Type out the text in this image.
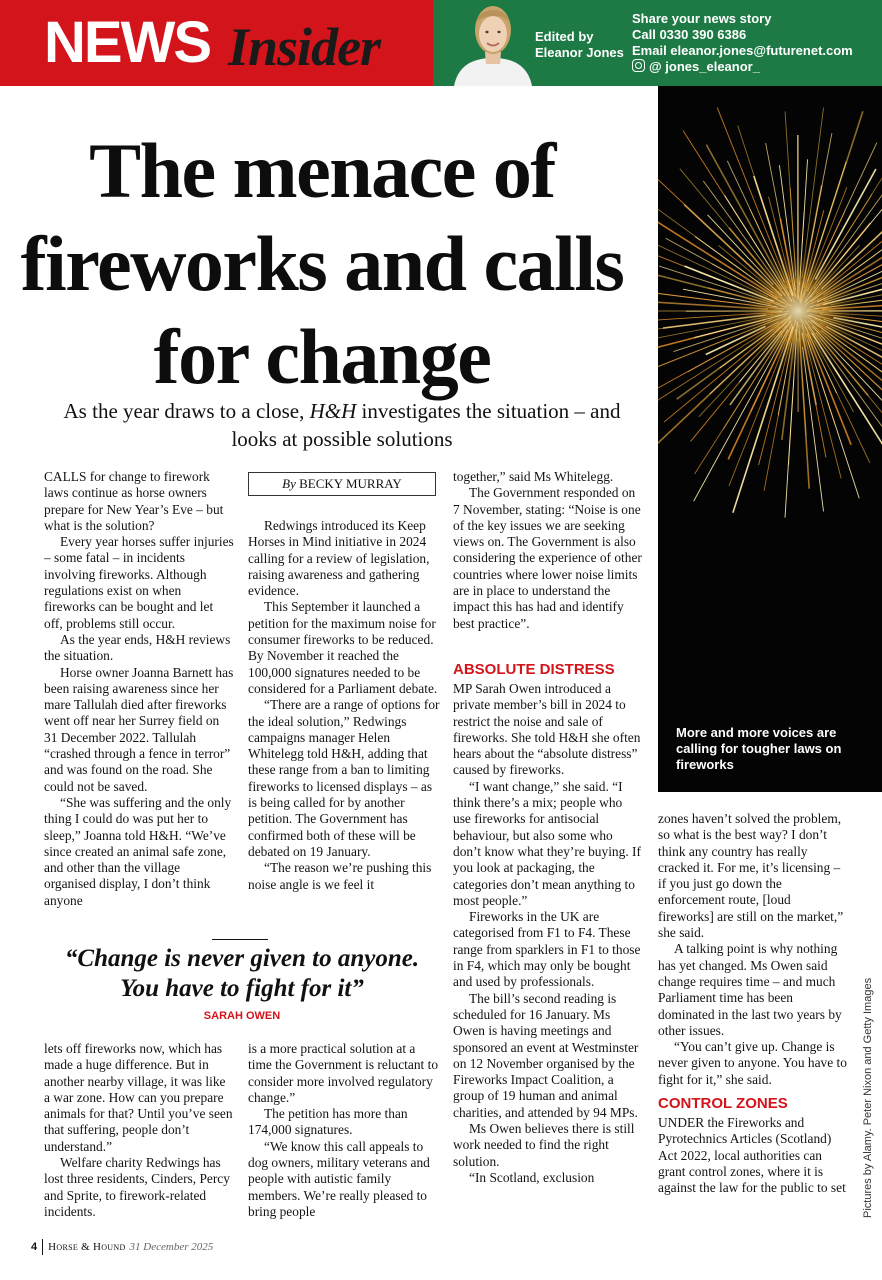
NEWS Insider	Edited by
Eleanor Jones
Share your news story
Call 0330 390 6386
Email eleanor.jones@futurenet.com
@ jones_eleanor_
More and more voices are calling for tougher laws on fireworks
The menace of fireworks and calls for change
As the year draws to a close, H&H investigates the situation – and looks at possible solutions
By BECKY MURRAY

CALLS for change to firework laws continue as horse owners prepare for New Year’s Eve – but what is the solution?

Every year horses suffer injuries – some fatal – in incidents involving fireworks. Although regulations exist on when fireworks can be bought and let off, problems still occur.

As the year ends, H&H reviews the situation.

Horse owner Joanna Barnett has been raising awareness since her mare Tallulah died after fireworks went off near her Surrey field on 31 December 2022. Tallulah “crashed through a fence in terror” and was found on the road. She could not be saved.

“She was suffering and the only thing I could do was put her to sleep,” Joanna told H&H. “We’ve since created an animal safe zone, and other than the village organised display, I don’t think anyone

Redwings introduced its Keep Horses in Mind initiative in 2024 calling for a review of legislation, raising awareness and gathering evidence.

This September it launched a petition for the maximum noise for consumer fireworks to be reduced. By November it reached the 100,000 signatures needed to be considered for a Parliament debate.

“There are a range of options for the ideal solution,” Redwings campaigns manager Helen Whitelegg told H&H, adding that these range from a ban to limiting fireworks to licensed displays – as is being called for by another petition. The Government has confirmed both of these will be debated on 19 January.

“The reason we’re pushing this noise angle is we feel it

together,” said Ms Whitelegg.

The Government responded on 7 November, stating: “Noise is one of the key issues we are seeking views on. The Government is also considering the experience of other countries where lower noise limits are in place to understand the impact this has had and identify best practice”.

ABSOLUTE DISTRESS

MP Sarah Owen introduced a private member’s bill in 2024 to restrict the noise and sale of fireworks. She told H&H she often hears about the “absolute distress” caused by fireworks.

“I want change,” she said. “I think there’s a mix; people who use fireworks for antisocial behaviour, but also some who don’t know what they’re buying. If you look at packaging, the categories don’t mean anything to most people.”

Fireworks in the UK are categorised from F1 to F4. These range from sparklers in F1 to those in F4, which may only be bought and used by professionals.

The bill’s second reading is scheduled for 16 January. Ms Owen is having meetings and sponsored an event at Westminster on 12 November organised by the Fireworks Impact Coalition, a group of 19 human and animal charities, and attended by 94 MPs.

Ms Owen believes there is still work needed to find the right solution.

“In Scotland, exclusion

zones haven’t solved the problem, so what is the best way? I don’t think any country has really cracked it. For me, it’s licensing – if you just go down the enforcement route, [loud fireworks] are still on the market,” she said.

A talking point is why nothing has yet changed. Ms Owen said change requires time – and much Parliament time has been dominated in the last two years by other issues.

“You can’t give up. Change is never given to anyone. You have to fight for it,” she said.

CONTROL ZONES

UNDER the Fireworks and Pyrotechnics Articles (Scotland) Act 2022, local authorities can grant control zones, where it is against the law for the public to set

“Change is never given to anyone. You have to fight for it”
SARAH OWEN

lets off fireworks now, which has made a huge difference. But in another nearby village, it was like a war zone. How can you prepare animals for that? Until you’ve seen that suffering, people don’t understand.”

Welfare charity Redwings has lost three residents, Cinders, Percy and Sprite, to firework-related incidents.

is a more practical solution at a time the Government is reluctant to consider more involved regulatory change.”

The petition has more than 174,000 signatures.

“We know this call appeals to dog owners, military veterans and people with autistic family members. We’re really pleased to bring people	Pictures by Alamy. Peter Nixon and Getty Images
4 Horse & Hound 31 December 2025
